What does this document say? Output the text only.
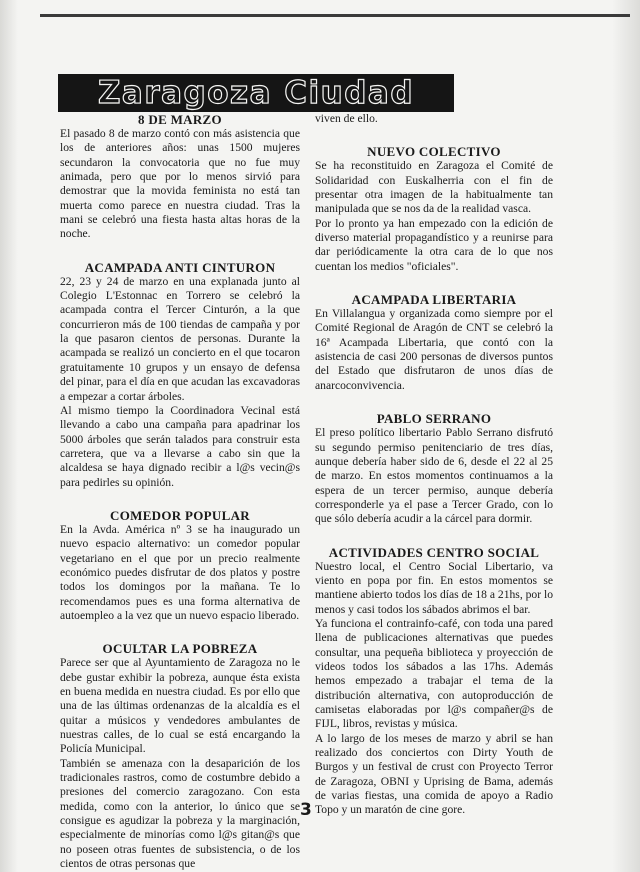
Zaragoza Ciudad
8 DE MARZO

El pasado 8 de marzo contó con más asistencia que los de anteriores años: unas 1500 mujeres secundaron la convocatoria que no fue muy animada, pero que por lo menos sirvió para demostrar que la movida feminista no está tan muerta como parece en nuestra ciudad. Tras la mani se celebró una fiesta hasta altas horas de la noche.

ACAMPADA ANTI CINTURON

22, 23 y 24 de marzo en una explanada junto al Colegio L'Estonnac en Torrero se celebró la acampada contra el Tercer Cinturón, a la que concurrieron más de 100 tiendas de campaña y por la que pasaron cientos de personas. Durante la acampada se realizó un concierto en el que tocaron gratuitamente 10 grupos y un ensayo de defensa del pinar, para el día en que acudan las excavadoras a empezar a cortar árboles.

Al mismo tiempo la Coordinadora Vecinal está llevando a cabo una campaña para apadrinar los 5000 árboles que serán talados para construir esta carretera, que va a llevarse a cabo sin que la alcaldesa se haya dignado recibir a l@s vecin@s para pedirles su opinión.

COMEDOR POPULAR

En la Avda. América nº 3 se ha inaugurado un nuevo espacio alternativo: un comedor popular vegetariano en el que por un precio realmente económico puedes disfrutar de dos platos y postre todos los domingos por la mañana. Te lo recomendamos pues es una forma alternativa de autoempleo a la vez que un nuevo espacio liberado.

OCULTAR LA POBREZA

Parece ser que al Ayuntamiento de Zaragoza no le debe gustar exhibir la pobreza, aunque ésta exista en buena medida en nuestra ciudad. Es por ello que una de las últimas ordenanzas de la alcaldía es el quitar a músicos y vendedores ambulantes de nuestras calles, de lo cual se está encargando la Policía Municipal.

También se amenaza con la desaparición de los tradicionales rastros, como de costumbre debido a presiones del comercio zaragozano. Con esta medida, como con la anterior, lo único que se consigue es agudizar la pobreza y la marginación, especialmente de minorías como l@s gitan@s que no poseen otras fuentes de subsistencia, o de los cientos de otras personas que

viven de ello.

NUEVO COLECTIVO

Se ha reconstituido en Zaragoza el Comité de Solidaridad con Euskalherria con el fin de presentar otra imagen de la habitualmente tan manipulada que se nos da de la realidad vasca.

Por lo pronto ya han empezado con la edición de diverso material propagandístico y a reunirse para dar periódicamente la otra cara de lo que nos cuentan los medios "oficiales".

ACAMPADA LIBERTARIA

En Villalangua y organizada como siempre por el Comité Regional de Aragón de CNT se celebró la 16ª Acampada Libertaria, que contó con la asistencia de casi 200 personas de diversos puntos del Estado que disfrutaron de unos días de anarcoconvivencia.

PABLO SERRANO

El preso político libertario Pablo Serrano disfrutó su segundo permiso penitenciario de tres días, aunque debería haber sido de 6, desde el 22 al 25 de marzo. En estos momentos continuamos a la espera de un tercer permiso, aunque debería corresponderle ya el pase a Tercer Grado, con lo que sólo debería acudir a la cárcel para dormir.

ACTIVIDADES CENTRO SOCIAL

Nuestro local, el Centro Social Libertario, va viento en popa por fin. En estos momentos se mantiene abierto todos los días de 18 a 21hs, por lo menos y casi todos los sábados abrimos el bar.

Ya funciona el contrainfo-café, con toda una pared llena de publicaciones alternativas que puedes consultar, una pequeña biblioteca y proyección de videos todos los sábados a las 17hs. Además hemos empezado a trabajar el tema de la distribución alternativa, con autoproducción de camisetas elaboradas por l@s compañer@s de FIJL, libros, revistas y música.

A lo largo de los meses de marzo y abril se han realizado dos conciertos con Dirty Youth de Burgos y un festival de crust con Proyecto Terror de Zaragoza, OBNI y Uprising de Bama, además de varias fiestas, una comida de apoyo a Radio Topo y un maratón de cine gore.

3
